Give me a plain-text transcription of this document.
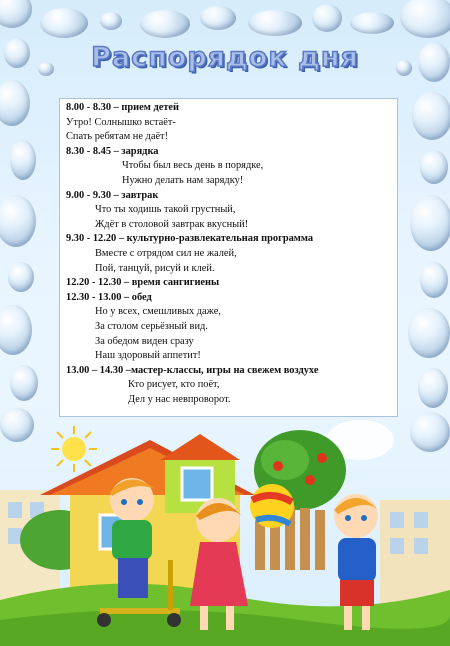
Распорядок дня
8.00 - 8.30 – прием детей
Утро! Солнышко встаёт-
Спать ребятам не даёт!
8.30 - 8.45 – зарядка
Чтобы был весь день в порядке,
Нужно делать нам зарядку!
9.00 - 9.30 – завтрак
Что ты ходишь такой грустный,
Ждёт в столовой завтрак вкусный!
9.30 - 12.20 – культурно-развлекательная программа
Вместе с отрядом сил не жалей,
Пой, танцуй, рисуй и клей.
12.20 - 12.30 – время сангигиены
12.30 - 13.00 – обед
Но у всех, смешливых даже,
За столом серьёзный вид.
За обедом виден сразу
Наш здоровый аппетит!
13.00 – 14.30 –мастер-классы, игры на свежем воздухе
Кто рисует, кто поёт,
Дел у нас невпроворот.
